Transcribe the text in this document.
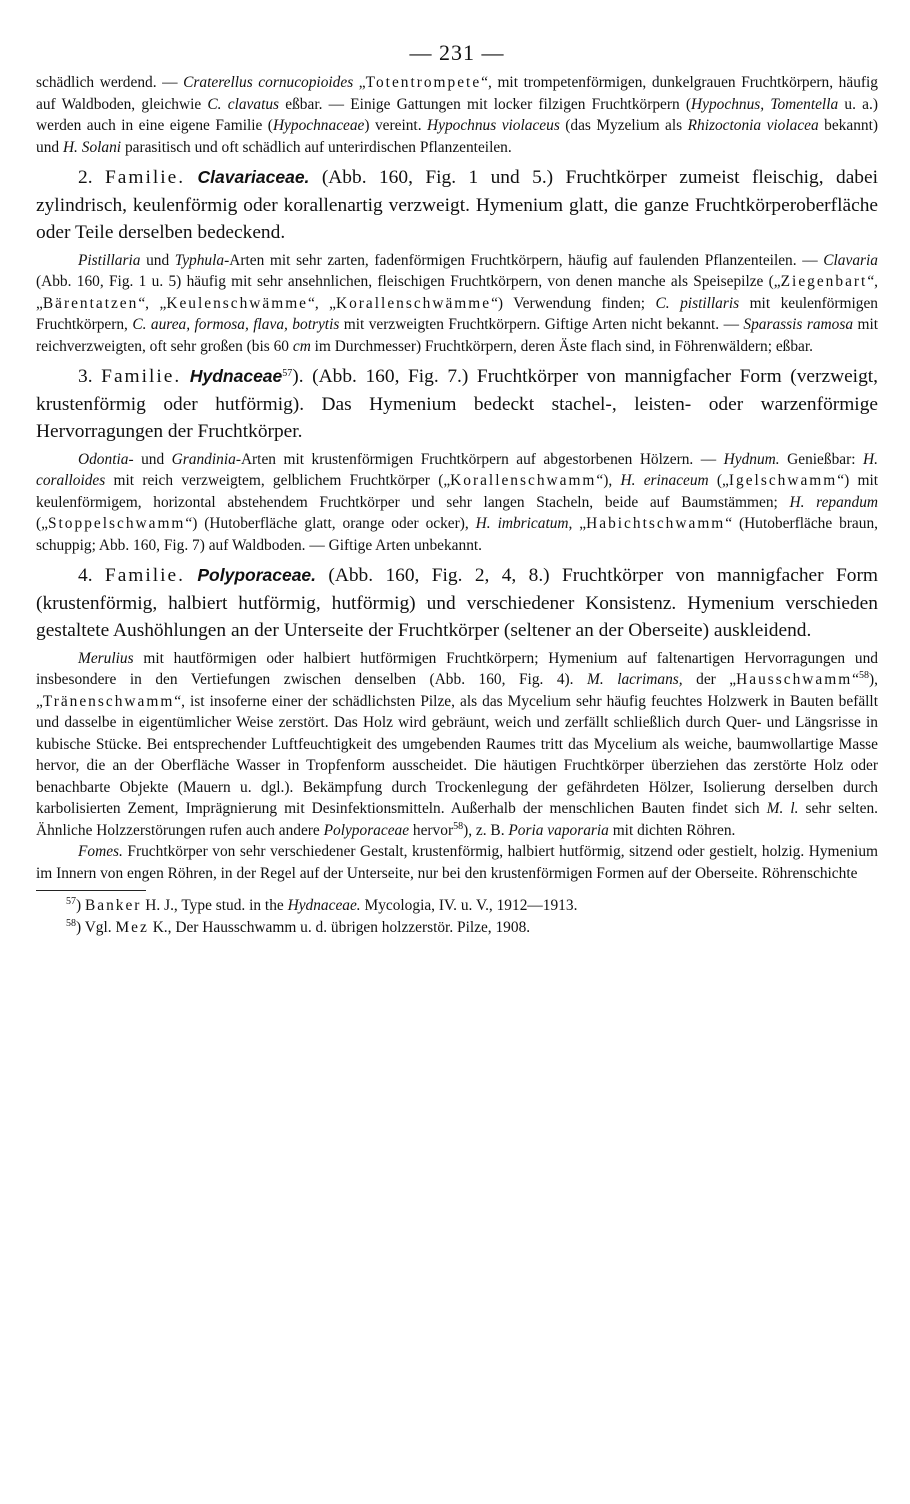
— 231 —

schädlich werdend. — Craterellus cornucopioides „Totentrompete“, mit trompetenförmigen, dunkelgrauen Fruchtkörpern, häufig auf Waldboden, gleichwie C. clavatus eßbar. — Einige Gattungen mit locker filzigen Fruchtkörpern (Hypochnus, Tomentella u. a.) werden auch in eine eigene Familie (Hypochnaceae) vereint. Hypochnus violaceus (das Myzelium als Rhizoctonia violacea bekannt) und H. Solani parasitisch und oft schädlich auf unterirdischen Pflanzenteilen.

2. Familie. Clavariaceae. (Abb. 160, Fig. 1 und 5.) Fruchtkörper zumeist fleischig, dabei zylindrisch, keulenförmig oder korallenartig verzweigt. Hymenium glatt, die ganze Fruchtkörperoberfläche oder Teile derselben bedeckend.

Pistillaria und Typhula-Arten mit sehr zarten, fadenförmigen Fruchtkörpern, häufig auf faulenden Pflanzenteilen. — Clavaria (Abb. 160, Fig. 1 u. 5) häufig mit sehr ansehnlichen, fleischigen Fruchtkörpern, von denen manche als Speisepilze („Ziegenbart“, „Bärentatzen“, „Keulenschwämme“, „Korallenschwämme“) Verwendung finden; C. pistillaris mit keulenförmigen Fruchtkörpern, C. aurea, formosa, flava, botrytis mit verzweigten Fruchtkörpern. Giftige Arten nicht bekannt. — Sparassis ramosa mit reichverzweigten, oft sehr großen (bis 60 cm im Durchmesser) Fruchtkörpern, deren Äste flach sind, in Föhrenwäldern; eßbar.

3. Familie. Hydnaceae$^{57}$). (Abb. 160, Fig. 7.) Fruchtkörper von mannigfacher Form (verzweigt, krustenförmig oder hutförmig). Das Hymenium bedeckt stachel-, leisten- oder warzenförmige Hervorragungen der Fruchtkörper.

Odontia- und Grandinia-Arten mit krustenförmigen Fruchtkörpern auf abgestorbenen Hölzern. — Hydnum. Genießbar: H. coralloides mit reich verzweigtem, gelblichem Fruchtkörper („Korallenschwamm“), H. erinaceum („Igelschwamm“) mit keulenförmigem, horizontal abstehendem Fruchtkörper und sehr langen Stacheln, beide auf Baumstämmen; H. repandum („Stoppelschwamm“) (Hutoberfläche glatt, orange oder ocker), H. imbricatum, „Habichtschwamm“ (Hutoberfläche braun, schuppig; Abb. 160, Fig. 7) auf Waldboden. — Giftige Arten unbekannt.

4. Familie. Polyporaceae. (Abb. 160, Fig. 2, 4, 8.) Fruchtkörper von mannigfacher Form (krustenförmig, halbiert hutförmig, hutförmig) und verschiedener Konsistenz. Hymenium verschieden gestaltete Aushöhlungen an der Unterseite der Fruchtkörper (seltener an der Oberseite) auskleidend.

Merulius mit hautförmigen oder halbiert hutförmigen Fruchtkörpern; Hymenium auf faltenartigen Hervorragungen und insbesondere in den Vertiefungen zwischen denselben (Abb. 160, Fig. 4). M. lacrimans, der „Hausschwamm“$^{58}$), „Tränenschwamm“, ist insoferne einer der schädlichsten Pilze, als das Mycelium sehr häufig feuchtes Holzwerk in Bauten befällt und dasselbe in eigentümlicher Weise zerstört. Das Holz wird gebräunt, weich und zerfällt schließlich durch Quer- und Längsrisse in kubische Stücke. Bei entsprechender Luftfeuchtigkeit des umgebenden Raumes tritt das Mycelium als weiche, baumwollartige Masse hervor, die an der Oberfläche Wasser in Tropfenform ausscheidet. Die häutigen Fruchtkörper überziehen das zerstörte Holz oder benachbarte Objekte (Mauern u. dgl.). Bekämpfung durch Trockenlegung der gefährdeten Hölzer, Isolierung derselben durch karbolisierten Zement, Imprägnierung mit Desinfektionsmitteln. Außerhalb der menschlichen Bauten findet sich M. l. sehr selten. Ähnliche Holzzerstörungen rufen auch andere Polyporaceae hervor$^{58}$), z. B. Poria vaporaria mit dichten Röhren.

Fomes. Fruchtkörper von sehr verschiedener Gestalt, krustenförmig, halbiert hutförmig, sitzend oder gestielt, holzig. Hymenium im Innern von engen Röhren, in der Regel auf der Unterseite, nur bei den krustenförmigen Formen auf der Oberseite. Röhrenschichte

$^{57}$) Banker H. J., Type stud. in the Hydnaceae. Mycologia, IV. u. V., 1912—1913.

$^{58}$) Vgl. Mez K., Der Hausschwamm u. d. übrigen holzzerstör. Pilze, 1908.
